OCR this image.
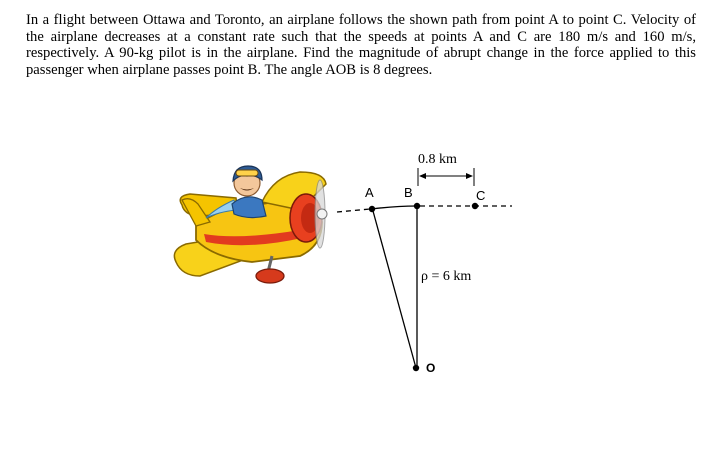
In a flight between Ottawa and Toronto, an airplane follows the shown path from point A to point C. Velocity of the airplane decreases at a constant rate such that the speeds at points A and C are 180 m/s and 160 m/s, respectively. A 90-kg pilot is in the airplane. Find the magnitude of abrupt change in the force applied to this passenger when airplane passes point B. The angle AOB is 8 degrees.

0.8 km
A B	C
O
ρ = 6 km
